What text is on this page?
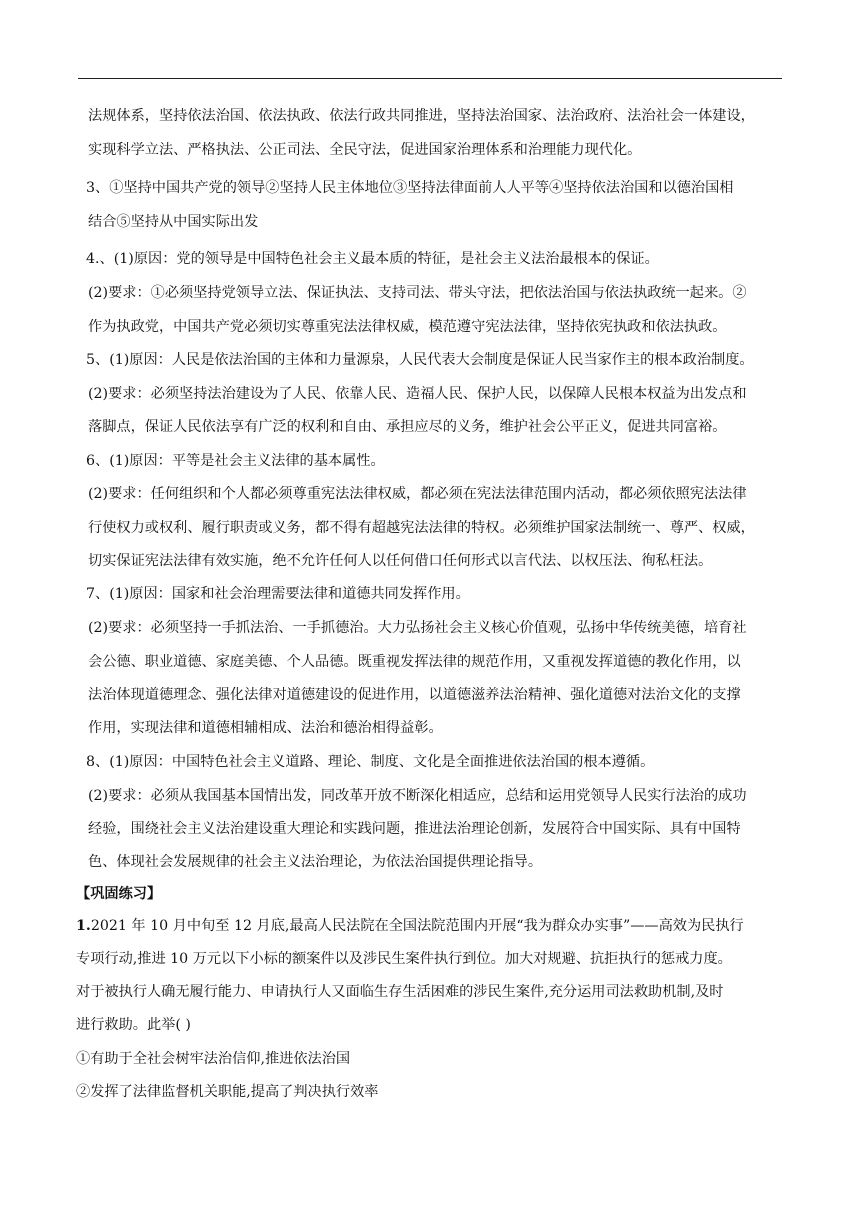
法规体系，坚持依法治国、依法执政、依法行政共同推进，坚持法治国家、法治政府、法治社会一体建设，
实现科学立法、严格执法、公正司法、全民守法，促进国家治理体系和治理能力现代化。
3、①坚持中国共产党的领导②坚持人民主体地位③坚持法律面前人人平等④坚持依法治国和以德治国相
结合⑤坚持从中国实际出发
4.、(1)原因：党的领导是中国特色社会主义最本质的特征，是社会主义法治最根本的保证。
(2)要求：①必须坚持党领导立法、保证执法、支持司法、带头守法，把依法治国与依法执政统一起来。②
作为执政党，中国共产党必须切实尊重宪法法律权威，模范遵守宪法法律，坚持依宪执政和依法执政。
5、(1)原因：人民是依法治国的主体和力量源泉，人民代表大会制度是保证人民当家作主的根本政治制度。
(2)要求：必须坚持法治建设为了人民、依靠人民、造福人民、保护人民，以保障人民根本权益为出发点和
落脚点，保证人民依法享有广泛的权利和自由、承担应尽的义务，维护社会公平正义，促进共同富裕。
6、(1)原因：平等是社会主义法律的基本属性。
(2)要求：任何组织和个人都必须尊重宪法法律权威，都必须在宪法法律范围内活动，都必须依照宪法法律
行使权力或权利、履行职责或义务，都不得有超越宪法法律的特权。必须维护国家法制统一、尊严、权威，
切实保证宪法法律有效实施，绝不允许任何人以任何借口任何形式以言代法、以权压法、徇私枉法。
7、(1)原因：国家和社会治理需要法律和道德共同发挥作用。
(2)要求：必须坚持一手抓法治、一手抓德治。大力弘扬社会主义核心价值观，弘扬中华传统美德，培育社
会公德、职业道德、家庭美德、个人品德。既重视发挥法律的规范作用，又重视发挥道德的教化作用，以
法治体现道德理念、强化法律对道德建设的促进作用，以道德滋养法治精神、强化道德对法治文化的支撑
作用，实现法律和道德相辅相成、法治和德治相得益彰。
8、(1)原因：中国特色社会主义道路、理论、制度、文化是全面推进依法治国的根本遵循。
(2)要求：必须从我国基本国情出发，同改革开放不断深化相适应，总结和运用党领导人民实行法治的成功
经验，围绕社会主义法治建设重大理论和实践问题，推进法治理论创新，发展符合中国实际、具有中国特
色、体现社会发展规律的社会主义法治理论，为依法治国提供理论指导。
【巩固练习】
1.2021 年 10 月中旬至 12 月底,最高人民法院在全国法院范围内开展“我为群众办实事”——高效为民执行
专项行动,推进 10 万元以下小标的额案件以及涉民生案件执行到位。加大对规避、抗拒执行的惩戒力度。
对于被执行人确无履行能力、申请执行人又面临生存生活困难的涉民生案件,充分运用司法救助机制,及时
进行救助。此举( )
①有助于全社会树牢法治信仰,推进依法治国
②发挥了法律监督机关职能,提高了判决执行效率
